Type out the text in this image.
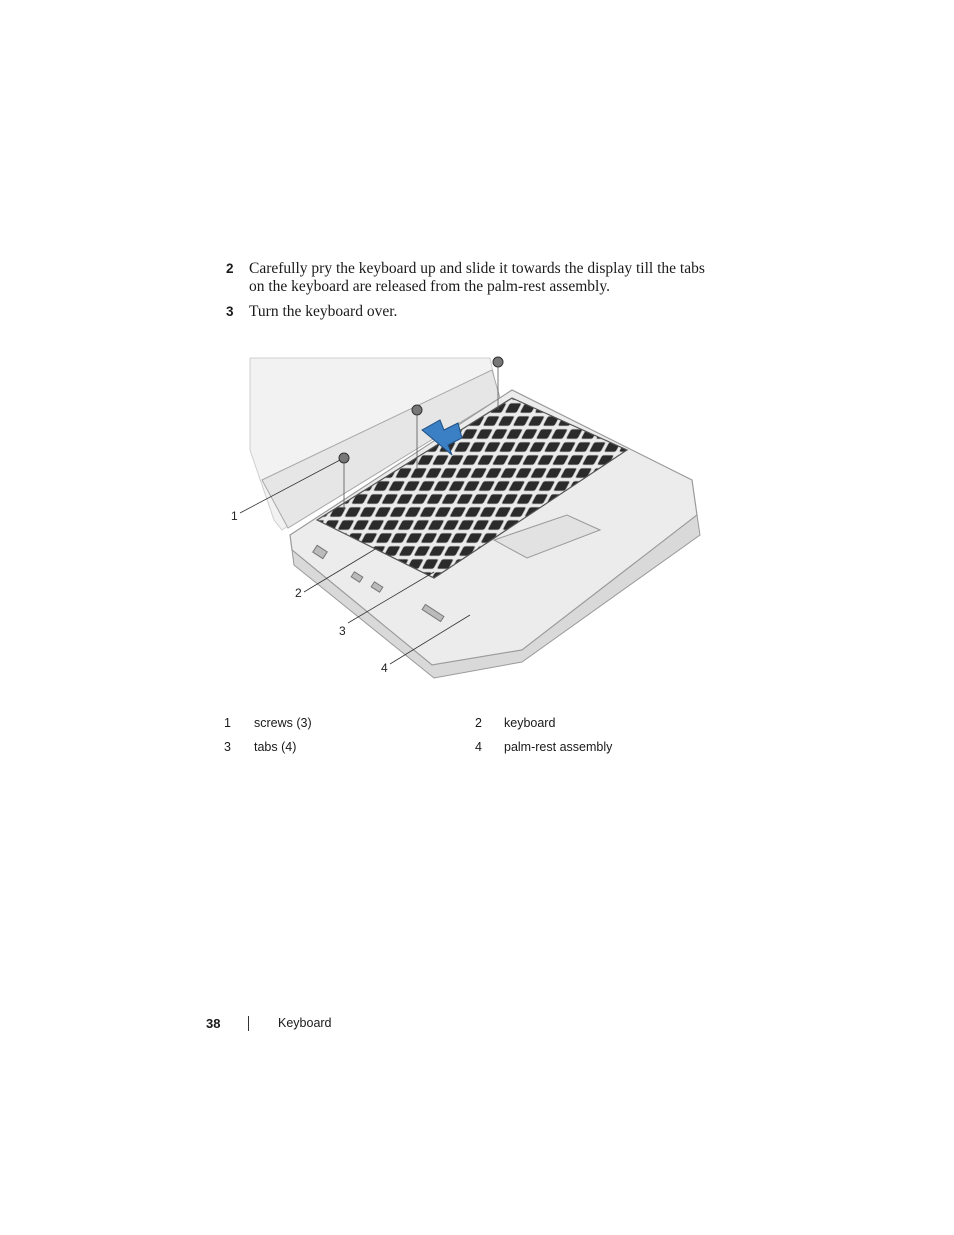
2 Carefully pry the keyboard up and slide it towards the display till the tabs on the keyboard are released from the palm-rest assembly.
3 Turn the keyboard over.
1
2
3
4
1 screws (3)	2 keyboard
3 tabs (4)	4 palm-rest assembly
38	Keyboard
